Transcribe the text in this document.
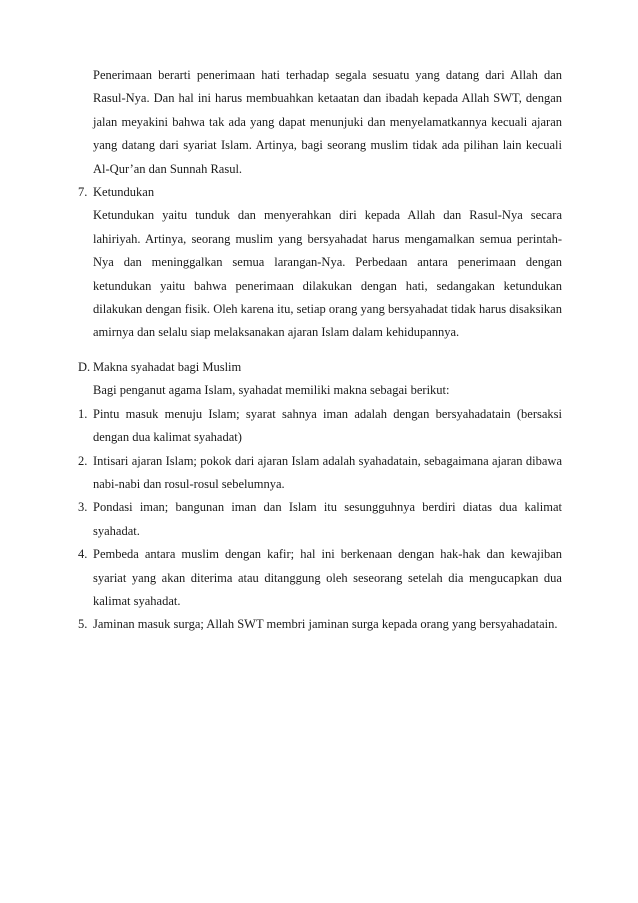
Penerimaan berarti penerimaan hati terhadap segala sesuatu yang datang dari Allah dan Rasul-Nya. Dan hal ini harus membuahkan ketaatan dan ibadah kepada Allah SWT, dengan jalan meyakini bahwa tak ada yang dapat menunjuki dan menyelamatkannya kecuali ajaran yang datang dari syariat Islam. Artinya, bagi seorang muslim tidak ada pilihan lain kecuali Al-Qur’an dan Sunnah Rasul.
7. Ketundukan
Ketundukan yaitu tunduk dan menyerahkan diri kepada Allah dan Rasul-Nya secara lahiriyah. Artinya, seorang muslim yang bersyahadat harus mengamalkan semua perintah-Nya dan meninggalkan semua larangan-Nya. Perbedaan antara penerimaan dengan ketundukan yaitu bahwa penerimaan dilakukan dengan hati, sedangakan ketundukan dilakukan dengan fisik. Oleh karena itu, setiap orang yang bersyahadat tidak harus disaksikan amirnya dan selalu siap melaksanakan ajaran Islam dalam kehidupannya.
D. Makna syahadat bagi Muslim
Bagi penganut agama Islam, syahadat memiliki makna sebagai berikut:
1. Pintu masuk menuju Islam; syarat sahnya iman adalah dengan bersyahadatain (bersaksi dengan dua kalimat syahadat)
2. Intisari ajaran Islam; pokok dari ajaran Islam adalah syahadatain, sebagaimana ajaran dibawa nabi-nabi dan rosul-rosul sebelumnya.
3. Pondasi iman; bangunan iman dan Islam itu sesungguhnya berdiri diatas dua kalimat syahadat.
4. Pembeda antara muslim dengan kafir; hal ini berkenaan dengan hak-hak dan kewajiban syariat yang akan diterima atau ditanggung oleh seseorang setelah dia mengucapkan dua kalimat syahadat.
5. Jaminan masuk surga; Allah SWT membri jaminan surga kepada orang yang bersyahadatain.
